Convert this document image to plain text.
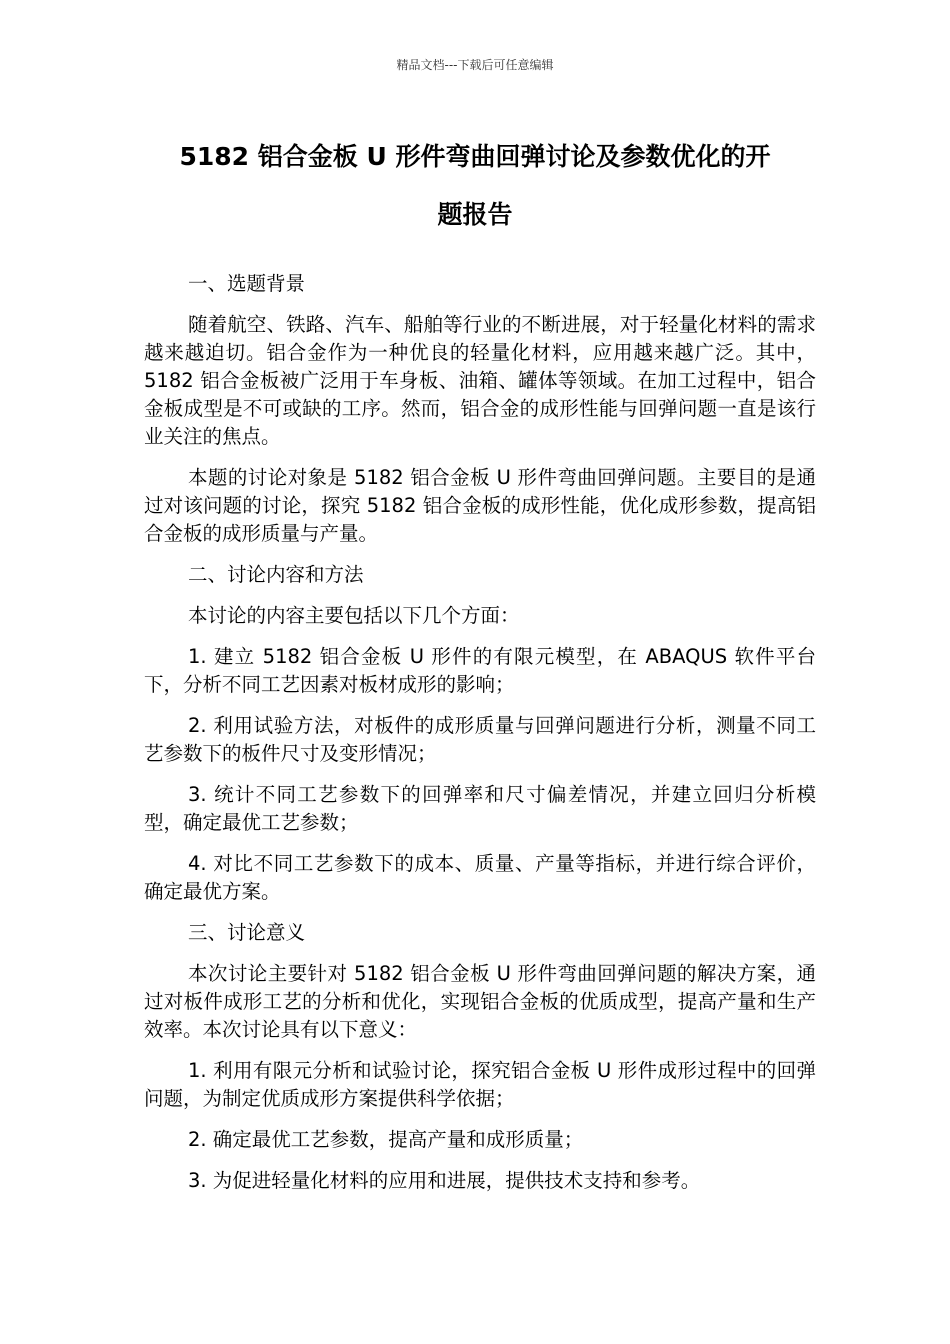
精品文档---下载后可任意编辑
5182 铝合金板 U 形件弯曲回弹讨论及参数优化的开
题报告

一、选题背景

随着航空、铁路、汽车、船舶等行业的不断进展，对于轻量化材料的需求越来越迫切。铝合金作为一种优良的轻量化材料，应用越来越广泛。其中，5182 铝合金板被广泛用于车身板、油箱、罐体等领域。在加工过程中，铝合金板成型是不可或缺的工序。然而，铝合金的成形性能与回弹问题一直是该行业关注的焦点。

本题的讨论对象是 5182 铝合金板 U 形件弯曲回弹问题。主要目的是通过对该问题的讨论，探究 5182 铝合金板的成形性能，优化成形参数，提高铝合金板的成形质量与产量。

二、讨论内容和方法

本讨论的内容主要包括以下几个方面：

1. 建立 5182 铝合金板 U 形件的有限元模型，在 ABAQUS 软件平台下，分析不同工艺因素对板材成形的影响；

2. 利用试验方法，对板件的成形质量与回弹问题进行分析，测量不同工艺参数下的板件尺寸及变形情况；

3. 统计不同工艺参数下的回弹率和尺寸偏差情况，并建立回归分析模型，确定最优工艺参数；

4. 对比不同工艺参数下的成本、质量、产量等指标，并进行综合评价，确定最优方案。

三、讨论意义

本次讨论主要针对 5182 铝合金板 U 形件弯曲回弹问题的解决方案，通过对板件成形工艺的分析和优化，实现铝合金板的优质成型，提高产量和生产效率。本次讨论具有以下意义：

1. 利用有限元分析和试验讨论，探究铝合金板 U 形件成形过程中的回弹问题，为制定优质成形方案提供科学依据；

2. 确定最优工艺参数，提高产量和成形质量；

3. 为促进轻量化材料的应用和进展，提供技术支持和参考。
